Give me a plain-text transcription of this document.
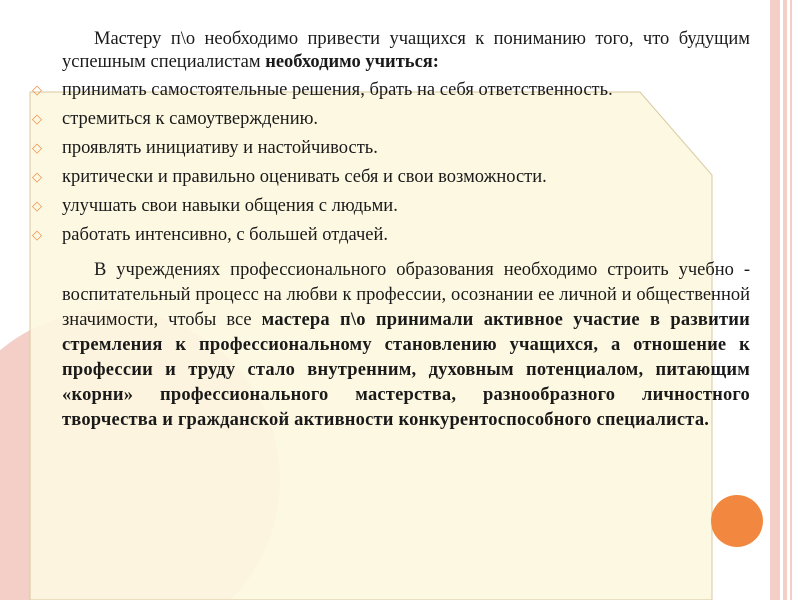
Мастеру п\о необходимо привести учащихся к пониманию того, что будущим успешным специалистам необходимо учиться:

◇ принимать самостоятельные решения, брать на себя ответственность.
◇ стремиться к самоутверждению.
◇ проявлять инициативу и настойчивость.
◇ критически и правильно оценивать себя и свои возможности.
◇ улучшать свои навыки общения с людьми.
◇ работать интенсивно, с большей отдачей.

В учреждениях профессионального образования необходимо строить учебно - воспитательный процесс на любви к профессии, осознании ее личной и общественной значимости, чтобы все мастера п\о принимали активное участие в развитии стремления к профессиональному становлению учащихся, а отношение к профессии и труду стало внутренним, духовным потенциалом, питающим «корни» профессионального мастерства, разнообразного личностного творчества и гражданской активности конкурентоспособного специалиста.
